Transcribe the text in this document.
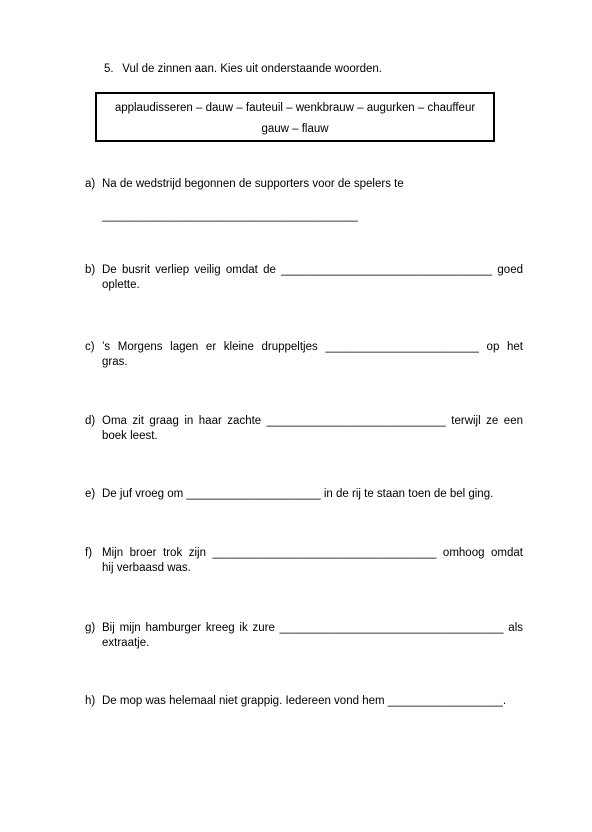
5. Vul de zinnen aan. Kies uit onderstaande woorden.
applaudisseren – dauw – fauteuil – wenkbrauw – augurken – chauffeur
gauw – flauw
a) Na de wedstrijd begonnen de supporters voor de spelers te
________________________________________
b) De busrit verliep veilig omdat de _________________________________ goed
oplette.
c) ’s Morgens lagen er kleine druppeltjes ________________________ op het
gras.
d) Oma zit graag in haar zachte ____________________________ terwijl ze een
boek leest.
e) De juf vroeg om _____________________ in de rij te staan toen de bel ging.
f) Mijn broer trok zijn ___________________________________ omhoog omdat
hij verbaasd was.
g) Bij mijn hamburger kreeg ik zure ___________________________________ als
extraatje.
h) De mop was helemaal niet grappig. Iedereen vond hem __________________.
